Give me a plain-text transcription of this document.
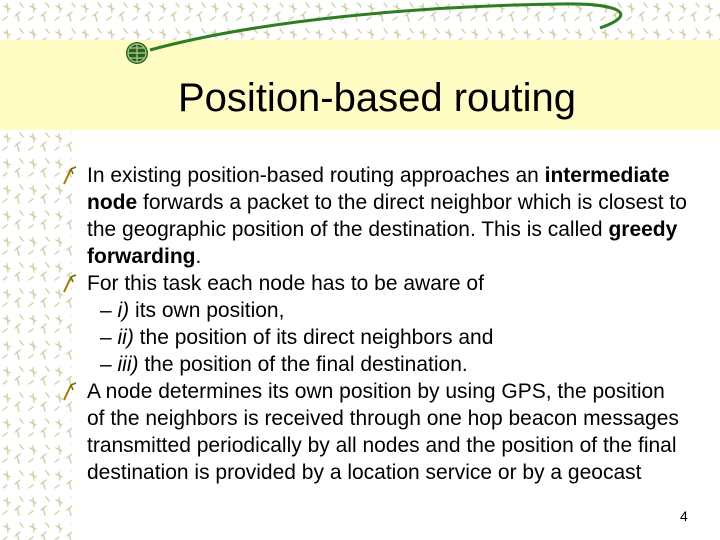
Position-based routing
In existing position-based routing approaches an intermediate node forwards a packet to the direct neighbor which is closest to the geographic position of the destination. This is called greedy forwarding.
For this task each node has to be aware of
– i) its own position,
– ii) the position of its direct neighbors and
– iii) the position of the final destination.
A node determines its own position by using GPS, the position of the neighbors is received through one hop beacon messages transmitted periodically by all nodes and the position of the final destination is provided by a location service or by a geocast
4
